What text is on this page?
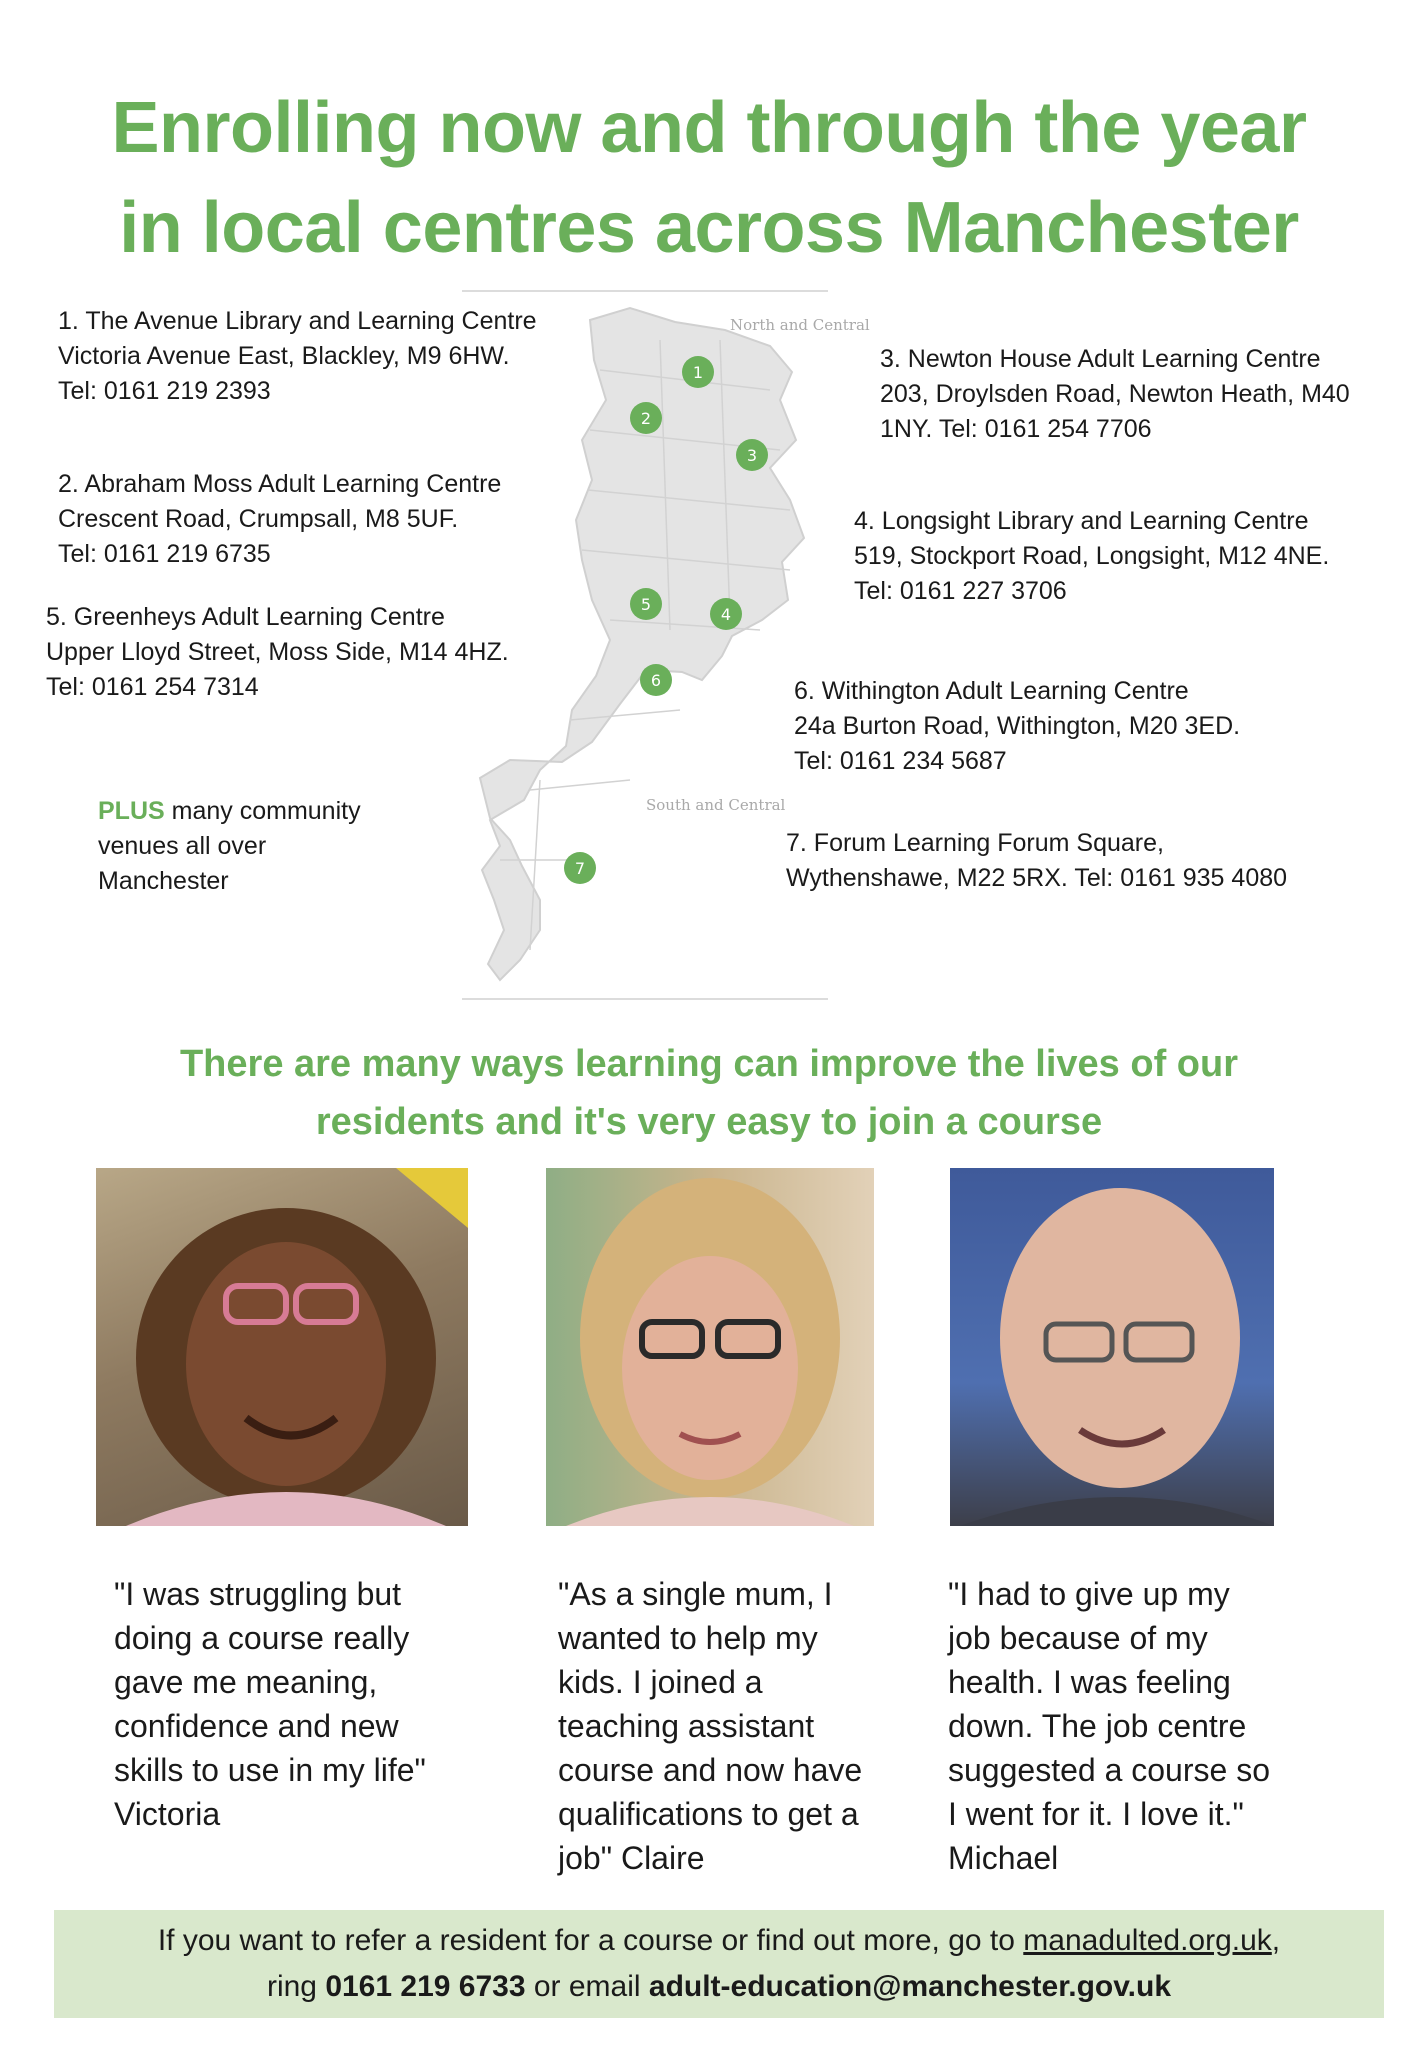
Enrolling now and through the year
in local centres across Manchester
North and Central
South and Central
1
2
3
4
5
6
7
1. The Avenue Library and Learning Centre
Victoria Avenue East, Blackley, M9 6HW.
Tel: 0161 219 2393
2. Abraham Moss Adult Learning Centre
Crescent Road, Crumpsall, M8 5UF.
Tel: 0161 219 6735
5. Greenheys Adult Learning Centre
Upper Lloyd Street, Moss Side, M14 4HZ.
Tel: 0161 254 7314
3. Newton House Adult Learning Centre
203, Droylsden Road, Newton Heath, M40
1NY. Tel: 0161 254 7706
4. Longsight Library and Learning Centre
519, Stockport Road, Longsight, M12 4NE.
Tel: 0161 227 3706
6. Withington Adult Learning Centre
24a Burton Road, Withington, M20 3ED.
Tel: 0161 234 5687
7. Forum Learning Forum Square,
Wythenshawe, M22 5RX. Tel: 0161 935 4080
PLUS many community
venues all over
Manchester
There are many ways learning can improve the lives of our
residents and it's very easy to join a course
"I was struggling but
doing a course really
gave me meaning,
confidence and new
skills to use in my life"
Victoria
"As a single mum, I
wanted to help my
kids. I joined a
teaching assistant
course and now have
qualifications to get a
job" Claire
"I had to give up my
job because of my
health. I was feeling
down. The job centre
suggested a course so
I went for it. I love it."
Michael
If you want to refer a resident for a course or find out more, go to manadulted.org.uk,
ring 0161 219 6733 or email adult-education@manchester.gov.uk
